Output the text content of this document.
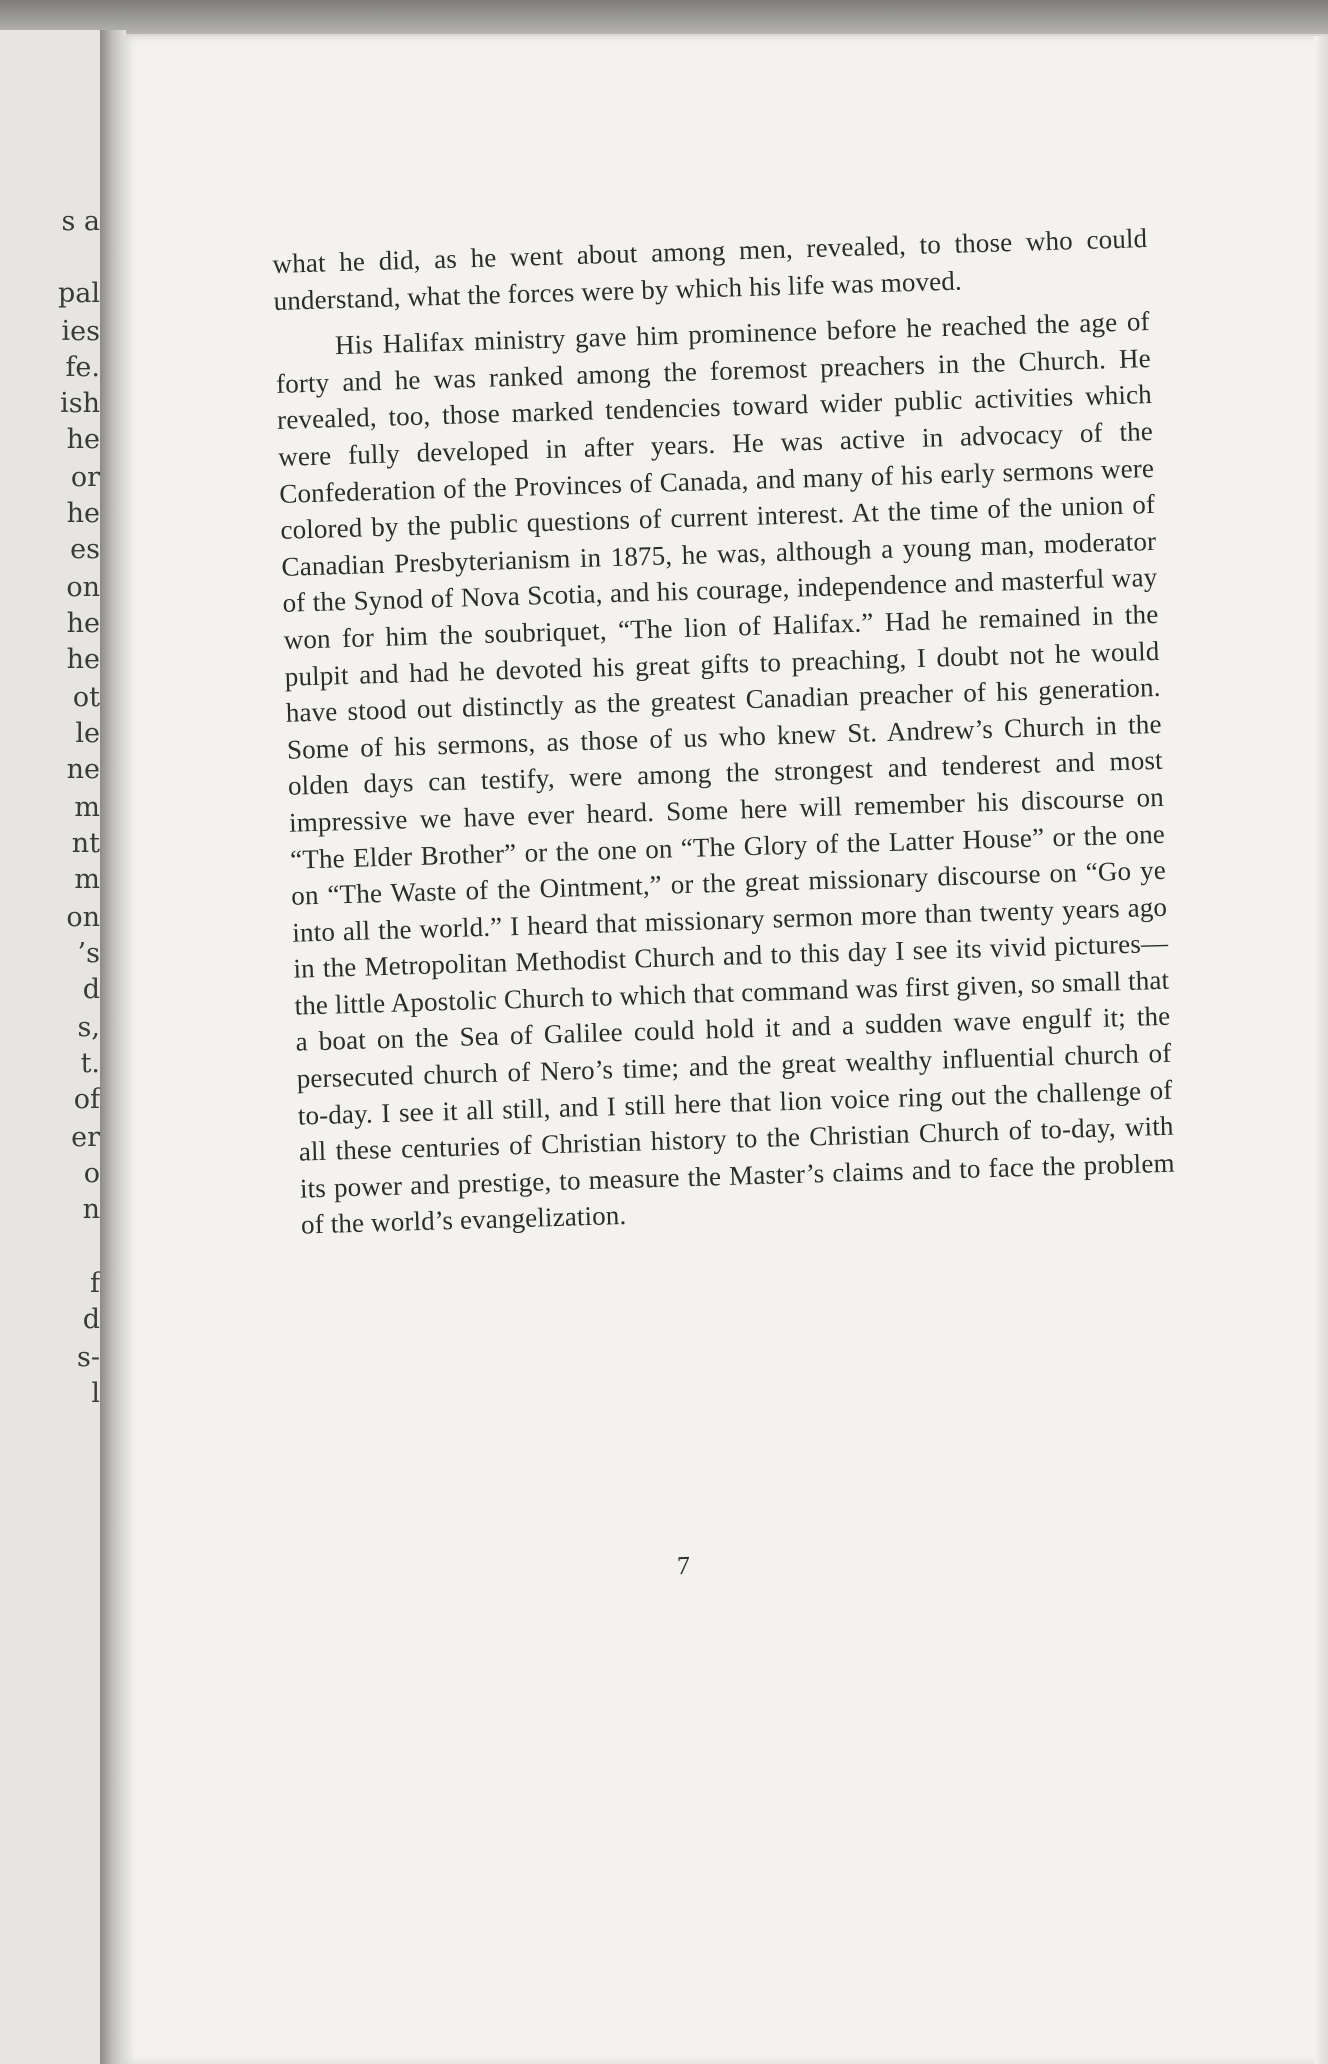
s a
pal
ies
fe.
ish
he
or
he
es
on
he
he
ot
le
ne
m
nt
m
on
’s
d
s,
t.
of
er
o
n
f
d
s-
l

what he did, as he went about among men, revealed, to those who could understand, what the forces were by which his life was moved.

His Halifax ministry gave him prominence before he reached the age of forty and he was ranked among the foremost preachers in the Church. He revealed, too, those marked tendencies toward wider public activities which were fully developed in after years. He was active in advocacy of the Confederation of the Provinces of Canada, and many of his early sermons were colored by the public questions of current interest. At the time of the union of Canadian Presbyterianism in 1875, he was, although a young man, moderator of the Synod of Nova Scotia, and his courage, independence and masterful way won for him the soubriquet, “The lion of Halifax.” Had he remained in the pulpit and had he devoted his great gifts to preaching, I doubt not he would have stood out distinctly as the greatest Canadian preacher of his generation. Some of his sermons, as those of us who knew St. Andrew’s Church in the olden days can testify, were among the strongest and tenderest and most impressive we have ever heard. Some here will remember his discourse on “The Elder Brother” or the one on “The Glory of the Latter House” or the one on “The Waste of the Ointment,” or the great missionary discourse on “Go ye into all the world.” I heard that missionary sermon more than twenty years ago in the Metropolitan Methodist Church and to this day I see its vivid pictures—the little Apostolic Church to which that command was first given, so small that a boat on the Sea of Galilee could hold it and a sudden wave engulf it; the persecuted church of Nero’s time; and the great wealthy influential church of to-day. I see it all still, and I still here that lion voice ring out the challenge of all these centuries of Christian history to the Christian Church of to-day, with its power and prestige, to measure the Master’s claims and to face the problem of the world’s evangelization.

7
